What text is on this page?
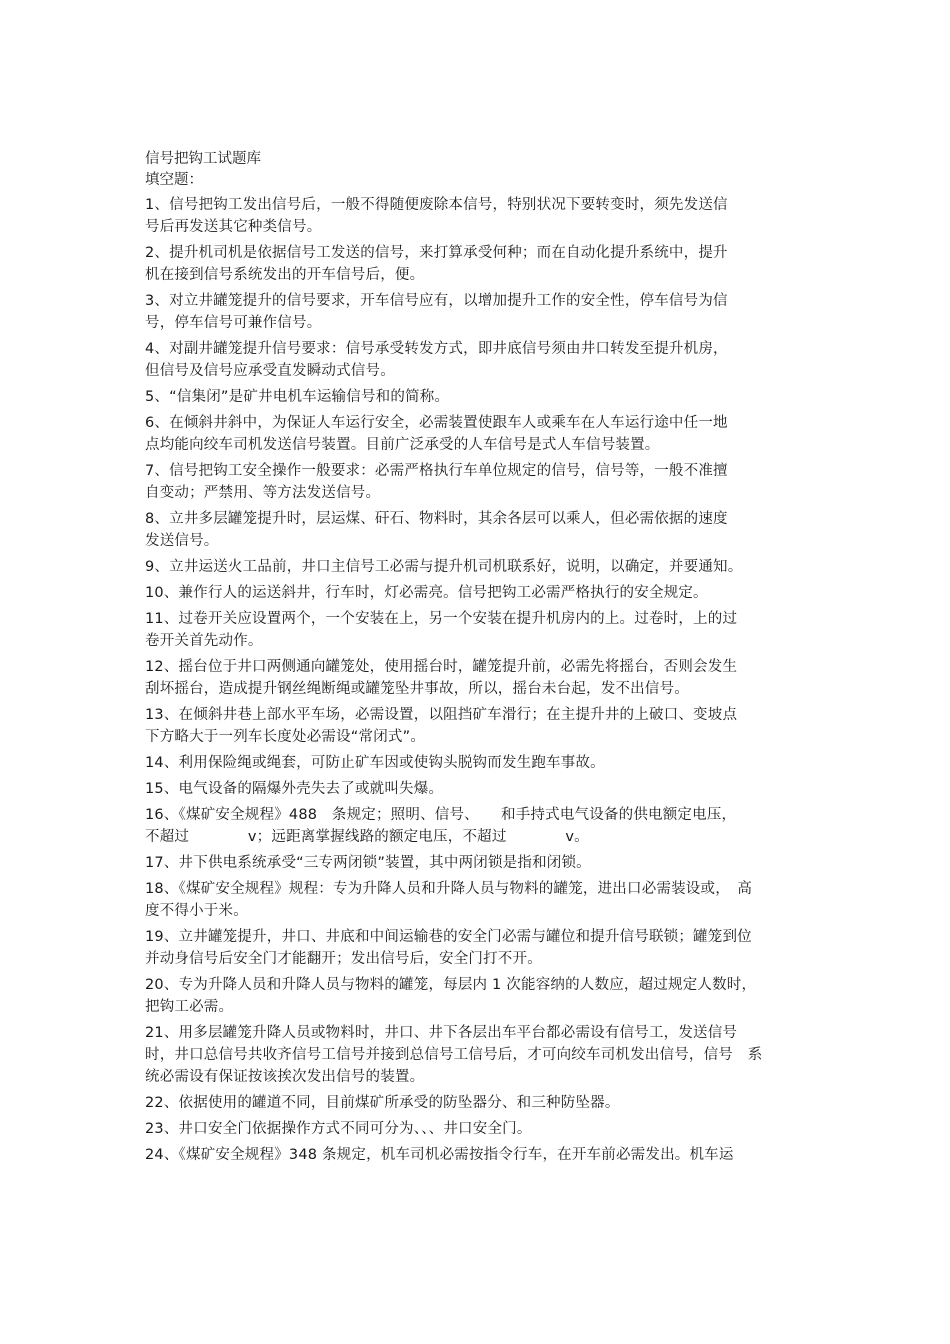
信号把钩工试题库

填空题：

1、信号把钩工发出信号后，一般不得随便废除本信号，特别状况下要转变时，须先发送信
号后再发送其它种类信号。
2、提升机司机是依据信号工发送的信号，来打算承受何种；而在自动化提升系统中，提升
机在接到信号系统发出的开车信号后，便。
3、对立井罐笼提升的信号要求，开车信号应有，以增加提升工作的安全性，停车信号为信
号，停车信号可兼作信号。
4、对副井罐笼提升信号要求：信号承受转发方式，即井底信号须由井口转发至提升机房，
但信号及信号应承受直发瞬动式信号。
5、“信集闭”是矿井电机车运输信号和的简称。
6、在倾斜井斜中，为保证人车运行安全，必需装置使跟车人或乘车在人车运行途中任一地
点均能向绞车司机发送信号装置。目前广泛承受的人车信号是式人车信号装置。
7、信号把钩工安全操作一般要求：必需严格执行车单位规定的信号，信号等，一般不准擅
自变动；严禁用、等方法发送信号。
8、立井多层罐笼提升时，层运煤、矸石、物料时，其余各层可以乘人，但必需依据的速度
发送信号。
9、立井运送火工品前，井口主信号工必需与提升机司机联系好，说明，以确定，并要通知。
10、兼作行人的运送斜井，行车时，灯必需亮。信号把钩工必需严格执行的安全规定。
11、过卷开关应设置两个，一个安装在上，另一个安装在提升机房内的上。过卷时，上的过
卷开关首先动作。
12、摇台位于井口两侧通向罐笼处，使用摇台时，罐笼提升前，必需先将摇台，否则会发生
刮坏摇台，造成提升钢丝绳断绳或罐笼坠井事故，所以，摇台未台起，发不出信号。
13、在倾斜井巷上部水平车场，必需设置，以阻挡矿车滑行；在主提升井的上破口、变坡点
下方略大于一列车长度处必需设“常闭式”。
14、利用保险绳或绳套，可防止矿车因或使钩头脱钩而发生跑车事故。
15、电气设备的隔爆外壳失去了或就叫失爆。
16、《煤矿安全规程》488　条规定；照明、信号、　　和手持式电气设备的供电额定电压，
不超过　　　　v；远距离掌握线路的额定电压，不超过　　　　v。
17、井下供电系统承受“三专两闭锁”装置，其中两闭锁是指和闭锁。
18、《煤矿安全规程》规程：专为升降人员和升降人员与物料的罐笼，进出口必需装设或，　高
度不得小于米。
19、立井罐笼提升，井口、井底和中间运输巷的安全门必需与罐位和提升信号联锁；罐笼到位
并动身信号后安全门才能翻开；发出信号后，安全门打不开。
20、专为升降人员和升降人员与物料的罐笼，每层内 1 次能容纳的人数应，超过规定人数时，
把钩工必需。
21、用多层罐笼升降人员或物料时，井口、井下各层出车平台都必需设有信号工，发送信号
时，井口总信号共收齐信号工信号并接到总信号工信号后，才可向绞车司机发出信号，信号　系
统必需设有保证按该挨次发出信号的装置。
22、依据使用的罐道不同，目前煤矿所承受的防坠器分、和三种防坠器。
23、井口安全门依据操作方式不同可分为、、、井口安全门。
24、《煤矿安全规程》348 条规定，机车司机必需按指令行车，在开车前必需发出。机车运
